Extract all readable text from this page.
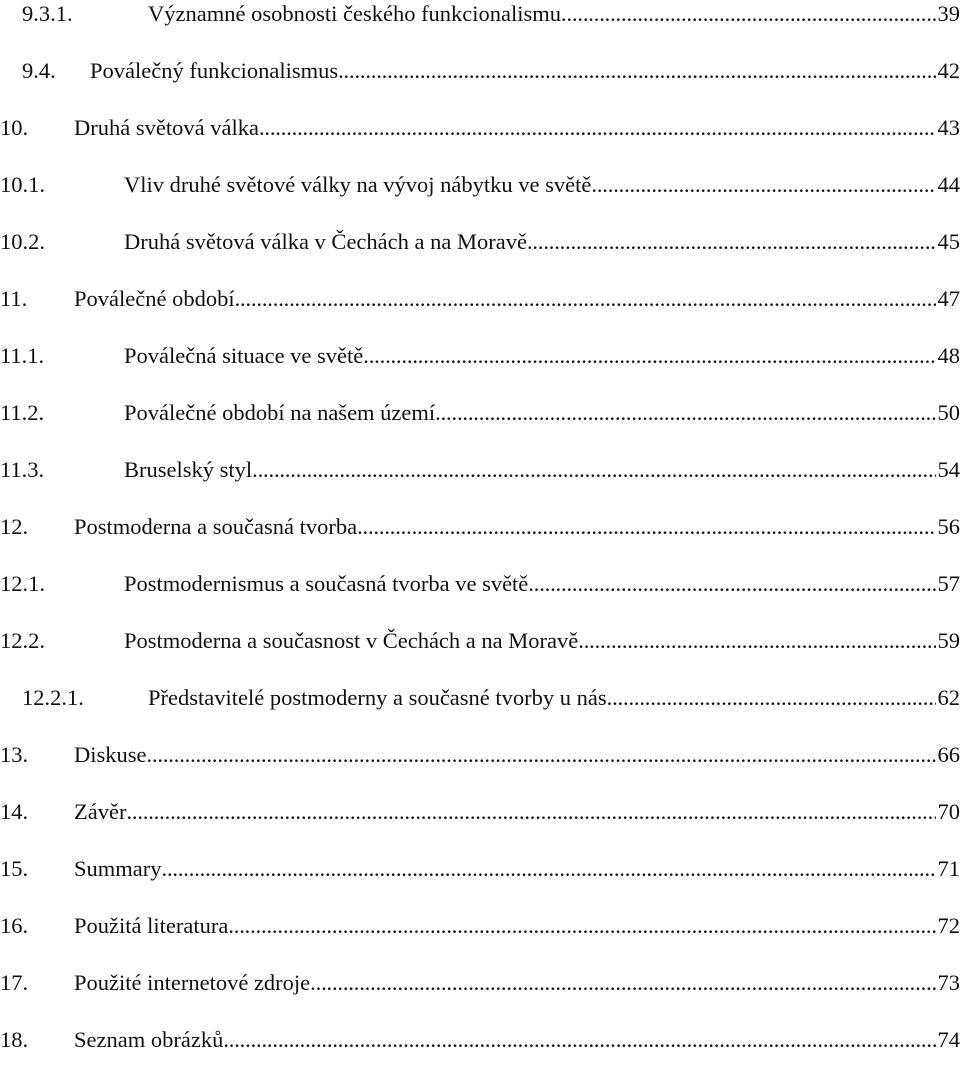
9.3.1.	Významné osobnosti českého funkcionalismu . . .	39
9.4. Poválečný funkcionalismus . . .	42
10. Druhá světová válka . . .	43
10.1.	Vliv druhé světové války na vývoj nábytku ve světě . . .	44
10.2.	Druhá světová válka v Čechách a na Moravě . . .	45
11. Poválečné období . . .	47
11.1.	Poválečná situace ve světě . . .	48
11.2.	Poválečné období na našem území . . .	50
11.3.	Bruselský styl . . .	54
12. Postmoderna a současná tvorba . . .	56
12.1.	Postmodernismus a současná tvorba ve světě . . .	57
12.2.	Postmoderna a současnost v Čechách a na Moravě . . .	59
12.2.1.	Představitelé postmoderny a současné tvorby u nás . . .	62
13. Diskuse . . .	66
14. Závěr . . .	70
15. Summary . . .	71
16. Použitá literatura . . .	72
17. Použité internetové zdroje . . .	73
18. Seznam obrázků . . .	74
